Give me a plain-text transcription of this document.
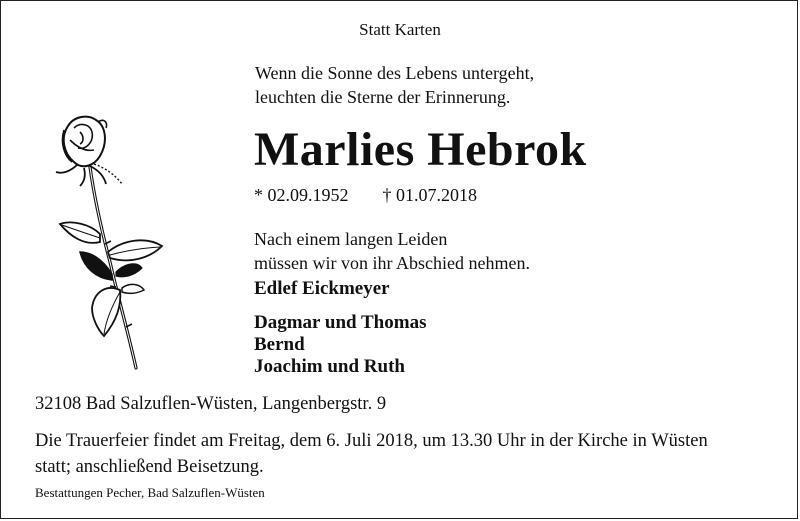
Statt Karten
Wenn die Sonne des Lebens untergeht,
leuchten die Sterne der Erinnerung.
Marlies Hebrok
* 02.09.1952 † 01.07.2018
Nach einem langen Leiden
müssen wir von ihr Abschied nehmen.
Edlef Eickmeyer
Dagmar und Thomas
Bernd
Joachim und Ruth
32108 Bad Salzuflen-Wüsten, Langenbergstr. 9
Die Trauerfeier findet am Freitag, dem 6. Juli 2018, um 13.30 Uhr in der Kirche in Wüsten
statt; anschließend Beisetzung.
Bestattungen Pecher, Bad Salzuflen-Wüsten
